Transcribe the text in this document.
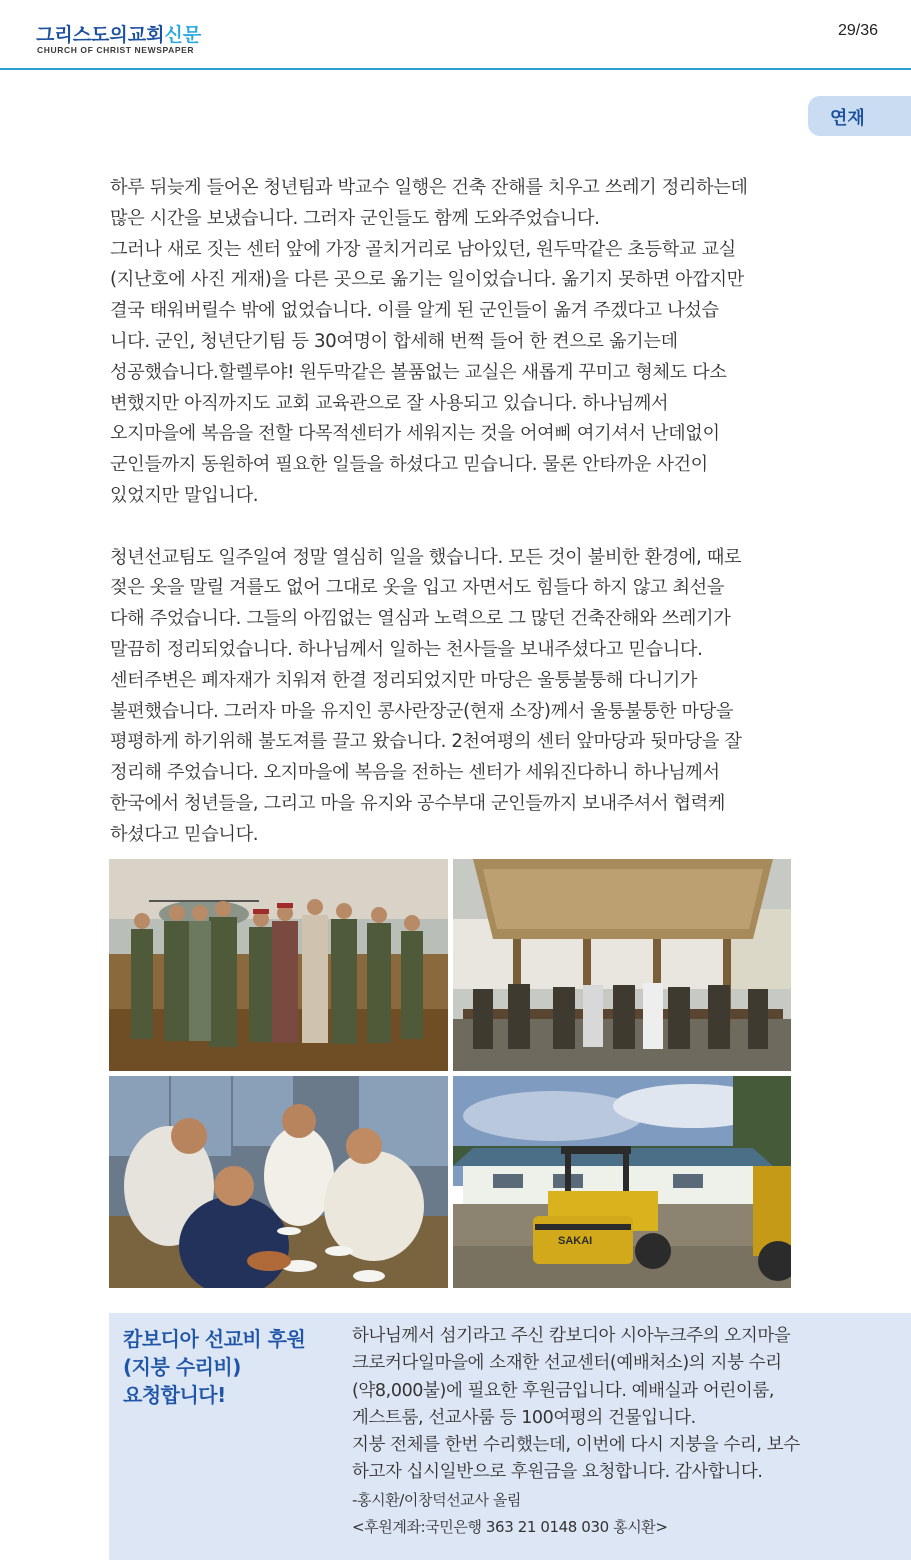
그리스도의교회신문
CHURCH OF CHRIST NEWSPAPER
29/36
연재

하루 뒤늦게 들어온 청년팀과 박교수 일행은 건축 잔해를 치우고 쓰레기 정리하는데

많은 시간을 보냈습니다. 그러자 군인들도 함께 도와주었습니다.

그러나 새로 짓는 센터 앞에 가장 골치거리로 남아있던, 원두막같은 초등학교 교실

(지난호에 사진 게재)을 다른 곳으로 옮기는 일이었습니다. 옮기지 못하면 아깝지만

결국 태워버릴수 밖에 없었습니다. 이를 알게 된 군인들이 옮겨 주겠다고 나섰습

니다. 군인, 청년단기팀 등 30여명이 합세해 번쩍 들어 한 켠으로 옮기는데

성공했습니다.할렐루야! 원두막같은 볼품없는 교실은 새롭게 꾸미고 형체도 다소

변했지만 아직까지도 교회 교육관으로 잘 사용되고 있습니다. 하나님께서

오지마을에 복음을 전할 다목적센터가 세워지는 것을 어여삐 여기셔서 난데없이

군인들까지 동원하여 필요한 일들을 하셨다고 믿습니다. 물론 안타까운 사건이

있었지만 말입니다.

청년선교팀도 일주일여 정말 열심히 일을 했습니다. 모든 것이 불비한 환경에, 때로

젖은 옷을 말릴 겨를도 없어 그대로 옷을 입고 자면서도 힘들다 하지 않고 최선을

다해 주었습니다. 그들의 아낌없는 열심과 노력으로 그 많던 건축잔해와 쓰레기가

말끔히 정리되었습니다. 하나님께서 일하는 천사들을 보내주셨다고 믿습니다.

센터주변은 폐자재가 치워져 한결 정리되었지만 마당은 울퉁불퉁해 다니기가

불편했습니다. 그러자 마을 유지인 콩사란장군(현재 소장)께서 울퉁불퉁한 마당을

평평하게 하기위해 불도져를 끌고 왔습니다. 2천여평의 센터 앞마당과 뒷마당을 잘

정리해 주었습니다. 오지마을에 복음을 전하는 센터가 세워진다하니 하나님께서

한국에서 청년들을, 그리고 마을 유지와 공수부대 군인들까지 보내주셔서 협력케

하셨다고 믿습니다.

SAKAI
캄보디아 선교비 후원
(지붕 수리비)
요청합니다!

하나님께서 섬기라고 주신 캄보디아 시아누크주의 오지마을

크로커다일마을에 소재한 선교센터(예배처소)의 지붕 수리

(약8,000불)에 필요한 후원금입니다. 예배실과 어린이룸,

게스트룸, 선교사룸 등 100여평의 건물입니다.

지붕 전체를 한번 수리했는데, 이번에 다시 지붕을 수리, 보수

하고자 십시일반으로 후원금을 요청합니다. 감사합니다.

-홍시환/이창덕선교사 올림

<후원계좌:국민은행 363 21 0148 030 홍시환>
